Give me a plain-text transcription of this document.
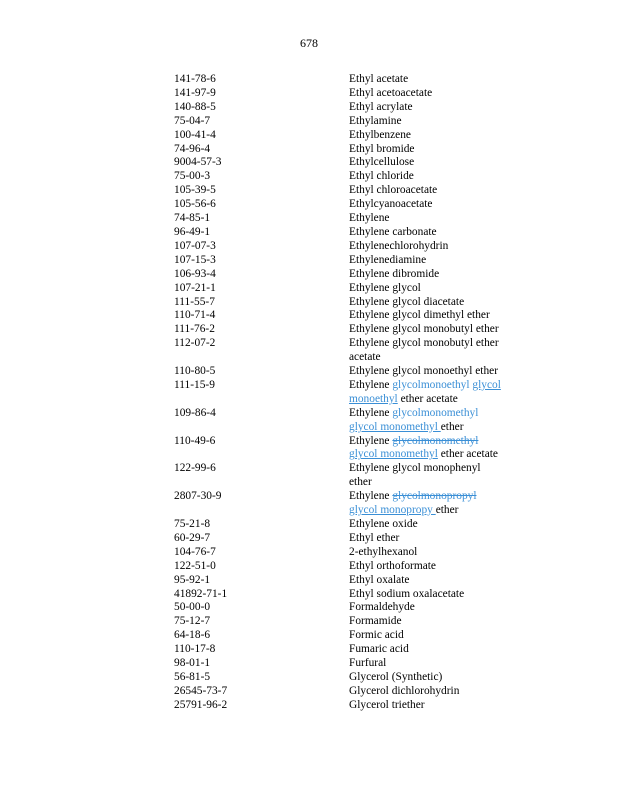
678
141-78-6	Ethyl acetate
141-97-9	Ethyl acetoacetate
140-88-5	Ethyl acrylate
75-04-7	Ethylamine
100-41-4	Ethylbenzene
74-96-4	Ethyl bromide
9004-57-3	Ethylcellulose
75-00-3	Ethyl chloride
105-39-5	Ethyl chloroacetate
105-56-6	Ethylcyanoacetate
74-85-1	Ethylene
96-49-1	Ethylene carbonate
107-07-3	Ethylenechlorohydrin
107-15-3	Ethylenediamine
106-93-4	Ethylene dibromide
107-21-1	Ethylene glycol
111-55-7	Ethylene glycol diacetate
110-71-4	Ethylene glycol dimethyl ether
111-76-2	Ethylene glycol monobutyl ether
112-07-2	Ethylene glycol monobutyl ether
acetate
110-80-5	Ethylene glycol monoethyl ether
111-15-9	Ethylene glycolmonoethyl glycol
monoethyl ether acetate
109-86-4	Ethylene glycolmonomethyl
glycol monomethyl ether
110-49-6	Ethylene glycolmonomethyl
glycol monomethyl ether acetate
122-99-6	Ethylene glycol monophenyl
ether
2807-30-9	Ethylene glycolmonopropyl
glycol monopropy ether
75-21-8	Ethylene oxide
60-29-7	Ethyl ether
104-76-7	2-ethylhexanol
122-51-0	Ethyl orthoformate
95-92-1	Ethyl oxalate
41892-71-1	Ethyl sodium oxalacetate
50-00-0	Formaldehyde
75-12-7	Formamide
64-18-6	Formic acid
110-17-8	Fumaric acid
98-01-1	Furfural
56-81-5	Glycerol (Synthetic)
26545-73-7	Glycerol dichlorohydrin
25791-96-2	Glycerol triether
